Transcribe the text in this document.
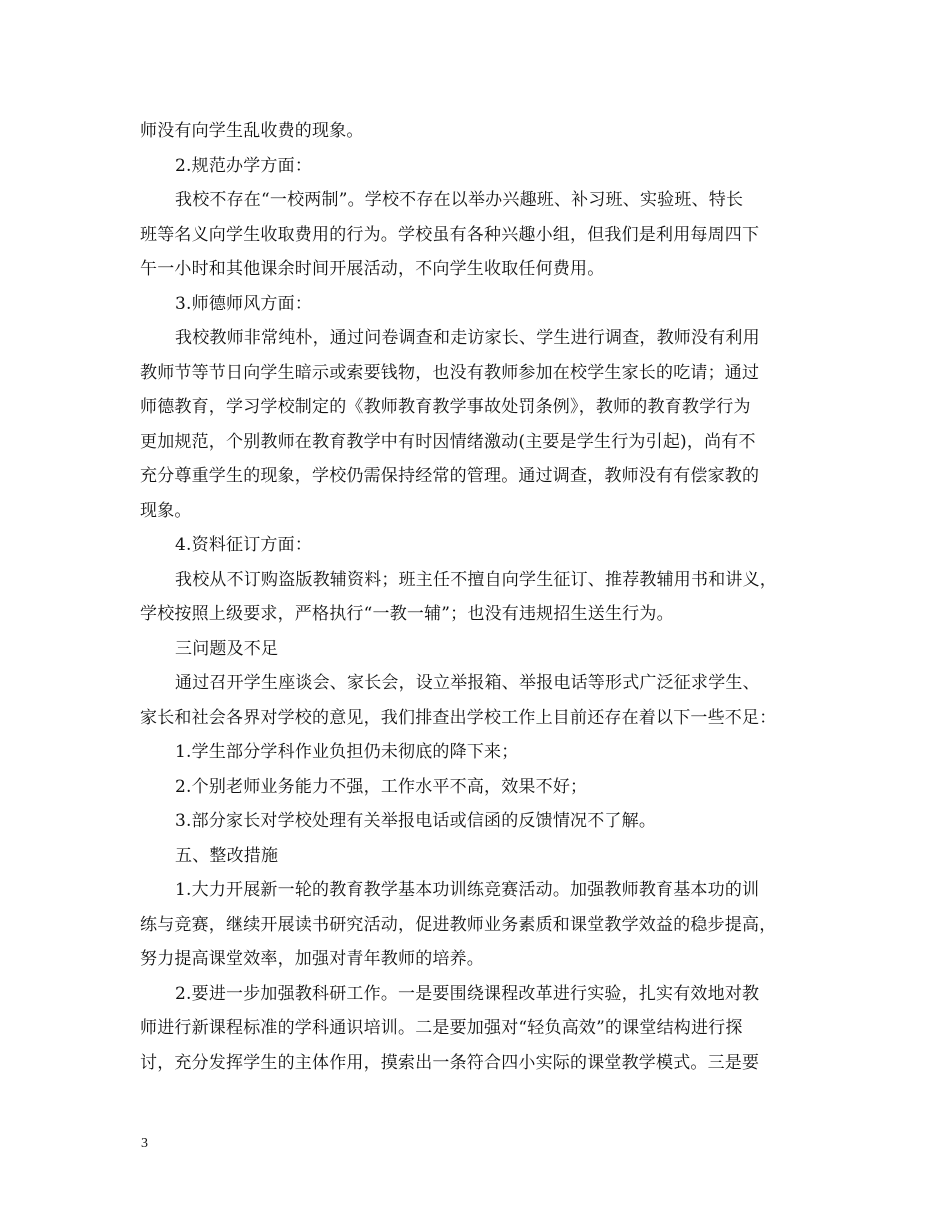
师没有向学生乱收费的现象。
2.规范办学方面：
我校不存在“一校两制”。学校不存在以举办兴趣班、补习班、实验班、特长
班等名义向学生收取费用的行为。学校虽有各种兴趣小组，但我们是利用每周四下
午一小时和其他课余时间开展活动，不向学生收取任何费用。
3.师德师风方面：
我校教师非常纯朴，通过问卷调查和走访家长、学生进行调查，教师没有利用
教师节等节日向学生暗示或索要钱物，也没有教师参加在校学生家长的吃请；通过
师德教育，学习学校制定的《教师教育教学事故处罚条例》，教师的教育教学行为
更加规范，个别教师在教育教学中有时因情绪激动(主要是学生行为引起)，尚有不
充分尊重学生的现象，学校仍需保持经常的管理。通过调查，教师没有有偿家教的
现象。
4.资料征订方面：
我校从不订购盗版教辅资料；班主任不擅自向学生征订、推荐教辅用书和讲义，
学校按照上级要求，严格执行“一教一辅”；也没有违规招生送生行为。
三问题及不足
通过召开学生座谈会、家长会，设立举报箱、举报电话等形式广泛征求学生、
家长和社会各界对学校的意见，我们排查出学校工作上目前还存在着以下一些不足：
1.学生部分学科作业负担仍未彻底的降下来；
2.个别老师业务能力不强，工作水平不高，效果不好；
3.部分家长对学校处理有关举报电话或信函的反馈情况不了解。
五、整改措施
1.大力开展新一轮的教育教学基本功训练竞赛活动。加强教师教育基本功的训
练与竞赛，继续开展读书研究活动，促进教师业务素质和课堂教学效益的稳步提高，
努力提高课堂效率，加强对青年教师的培养。
2.要进一步加强教科研工作。一是要围绕课程改革进行实验，扎实有效地对教
师进行新课程标准的学科通识培训。二是要加强对“轻负高效”的课堂结构进行探
讨，充分发挥学生的主体作用，摸索出一条符合四小实际的课堂教学模式。三是要
3
